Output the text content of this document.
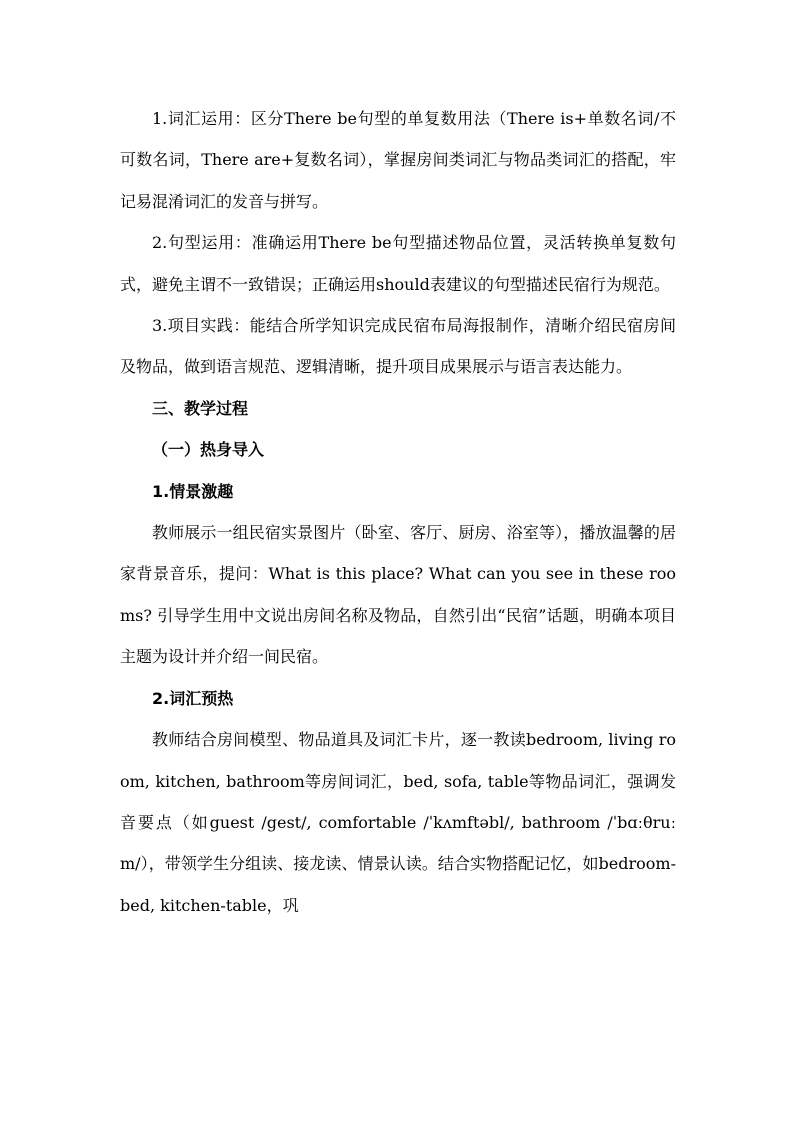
1.词汇运用：区分There be句型的单复数用法（There is+单数名词/不可数名词，There are+复数名词），掌握房间类词汇与物品类词汇的搭配，牢记易混淆词汇的发音与拼写。

2.句型运用：准确运用There be句型描述物品位置，灵活转换单复数句式，避免主谓不一致错误；正确运用should表建议的句型描述民宿行为规范。

3.项目实践：能结合所学知识完成民宿布局海报制作，清晰介绍民宿房间及物品，做到语言规范、逻辑清晰，提升项目成果展示与语言表达能力。

三、教学过程

（一）热身导入

1.情景激趣

教师展示一组民宿实景图片（卧室、客厅、厨房、浴室等），播放温馨的居家背景音乐，提问：What is this place? What can you see in these rooms? 引导学生用中文说出房间名称及物品，自然引出“民宿”话题，明确本项目主题为设计并介绍一间民宿。

2.词汇预热

教师结合房间模型、物品道具及词汇卡片，逐一教读bedroom, living room, kitchen, bathroom等房间词汇，bed, sofa, table等物品词汇，强调发音要点（如guest /gest/, comfortable /ˈkʌmftəbl/, bathroom /ˈbɑːθruːm/），带领学生分组读、接龙读、情景认读。结合实物搭配记忆，如bedroom-bed, kitchen-table，巩
